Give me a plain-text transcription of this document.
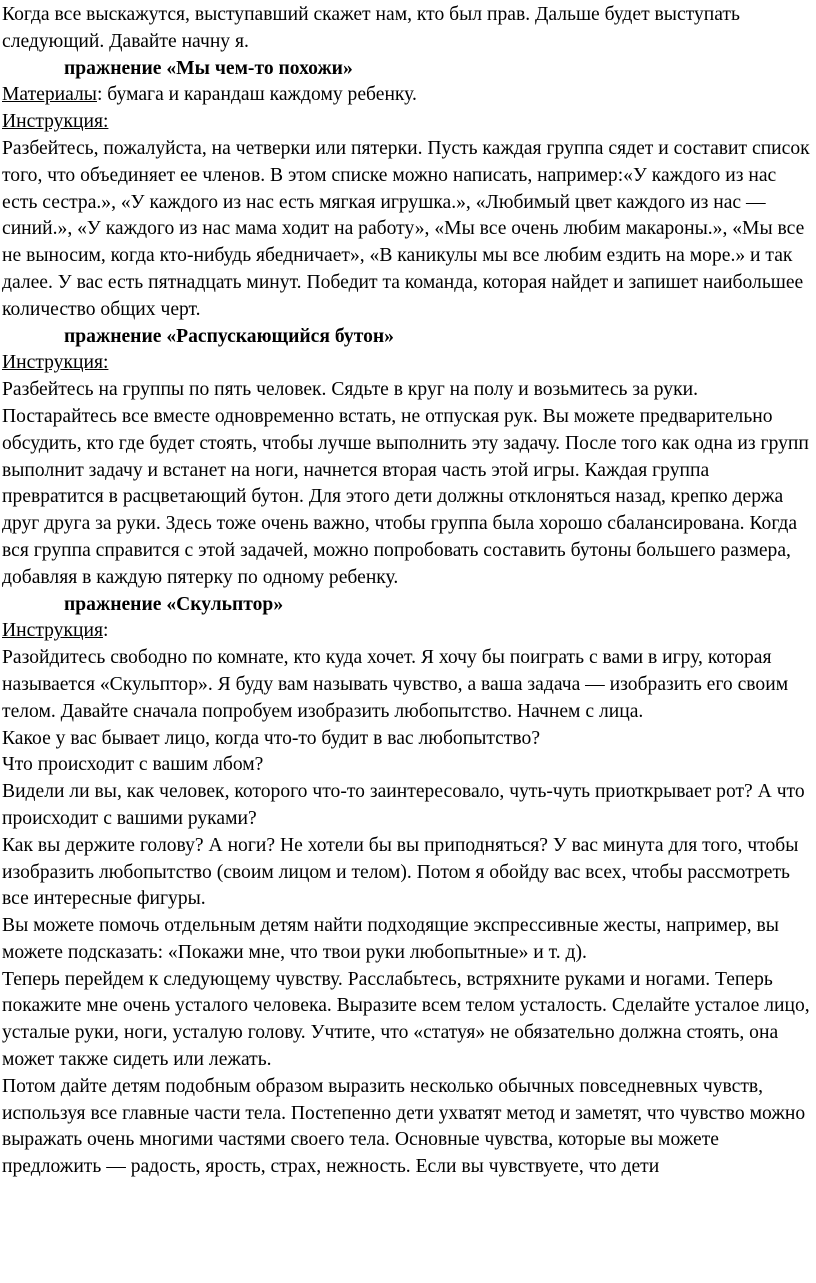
Когда все выскажутся, выступавший скажет нам, кто был прав. Дальше будет выступать следующий. Давайте начну я.

пражнение «Мы чем-то похожи»

Материалы: бумага и карандаш каждому ребенку.

Инструкция:

Разбейтесь, пожалуйста, на четверки или пятерки. Пусть каждая группа сядет и составит список того, что объединяет ее членов. В этом списке можно написать, например:«У каждого из нас есть сестра.», «У каждого из нас есть мягкая игрушка.», «Любимый цвет каждого из нас — синий.», «У каждого из нас мама ходит на работу», «Мы все очень любим макароны.», «Мы все не выносим, когда кто-нибудь ябедничает», «В каникулы мы все любим ездить на море.» и так далее. У вас есть пятнадцать минут. Победит та команда, которая найдет и запишет наибольшее количество общих черт.

пражнение «Распускающийся бутон»

Инструкция:

Разбейтесь на группы по пять человек. Сядьте в круг на полу и возьмитесь за руки. Постарайтесь все вместе одновременно встать, не отпуская рук. Вы можете предварительно обсудить, кто где будет стоять, чтобы лучше выполнить эту задачу. После того как одна из групп выполнит задачу и встанет на ноги, начнется вторая часть этой игры. Каждая группа превратится в расцветающий бутон. Для этого дети должны отклоняться назад, крепко держа друг друга за руки. Здесь тоже очень важно, чтобы группа была хорошо сбалансирована. Когда вся группа справится с этой задачей, можно попробовать составить бутоны большего размера, добавляя в каждую пятерку по одному ребенку.

пражнение «Скульптор»

Инструкция:

Разойдитесь свободно по комнате, кто куда хочет. Я хочу бы поиграть с вами в игру, которая называется «Скульптор». Я буду вам называть чувство, а ваша задача — изобразить его своим телом. Давайте сначала попробуем изобразить любопытство. Начнем с лица.

Какое у вас бывает лицо, когда что-то будит в вас любопытство?

Что происходит с вашим лбом?

Видели ли вы, как человек, которого что-то заинтересовало, чуть-чуть приоткрывает рот? А что происходит с вашими руками?

Как вы держите голову? А ноги? Не хотели бы вы приподняться? У вас минута для того, чтобы изобразить любопытство (своим лицом и телом). Потом я обойду вас всех, чтобы рассмотреть все интересные фигуры.

Вы можете помочь отдельным детям найти подходящие экспрессивные жесты, например, вы можете подсказать: «Покажи мне, что твои руки любопытные» и т. д).

Теперь перейдем к следующему чувству. Расслабьтесь, встряхните руками и ногами. Теперь покажите мне очень усталого человека. Выразите всем телом усталость. Сделайте усталое лицо, усталые руки, ноги, усталую голову. Учтите, что «статуя» не обязательно должна стоять, она может также сидеть или лежать.

Потом дайте детям подобным образом выразить несколько обычных повседневных чувств, используя все главные части тела. Постепенно дети ухватят метод и заметят, что чувство можно выражать очень многими частями своего тела. Основные чувства, которые вы можете предложить — радость, ярость, страх, нежность. Если вы чувствуете, что дети
